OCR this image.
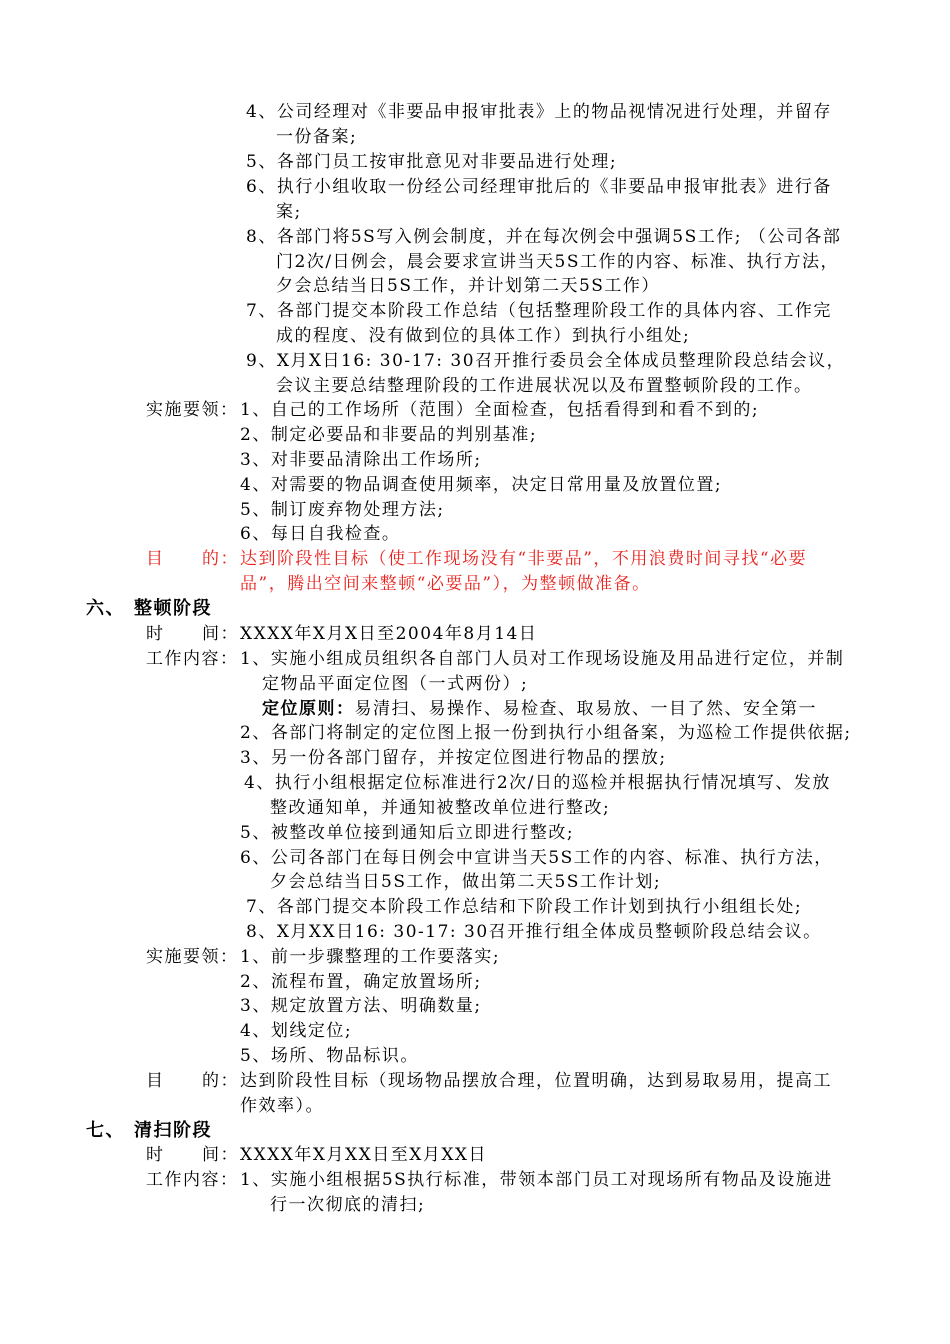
4、公司经理对《非要品申报审批表》上的物品视情况进行处理，并留存
一份备案;
5、各部门员工按审批意见对非要品进行处理;
6、执行小组收取一份经公司经理审批后的《非要品申报审批表》进行备
案;
8、各部门将5S写入例会制度，并在每次例会中强调5S工作; （公司各部
门2次/日例会，晨会要求宣讲当天5S工作的内容、标准、执行方法，
夕会总结当日5S工作，并计划第二天5S工作）
7、各部门提交本阶段工作总结（包括整理阶段工作的具体内容、工作完
成的程度、没有做到位的具体工作）到执行小组处;
9、X月X日16: 30-17: 30召开推行委员会全体成员整理阶段总结会议，
会议主要总结整理阶段的工作进展状况以及布置整顿阶段的工作。
实施要领： 1、自己的工作场所（范围）全面检查，包括看得到和看不到的;
2、制定必要品和非要品的判别基准;
3、对非要品清除出工作场所;
4、对需要的物品调查使用频率，决定日常用量及放置位置;
5、制订废弃物处理方法;
6、每日自我检查。
目 的： 达到阶段性目标（使工作现场没有“非要品”，不用浪费时间寻找“必要
品”，腾出空间来整顿“必要品”），为整顿做准备。
六、 整顿阶段
时 间： XXXX年X月X日至2004年8月14日
工作内容： 1、实施小组成员组织各自部门人员对工作现场设施及用品进行定位，并制
定物品平面定位图（一式两份）;
定位原则：易清扫、易操作、易检查、取易放、一目了然、安全第一
2、各部门将制定的定位图上报一份到执行小组备案，为巡检工作提供依据;
3、另一份各部门留存，并按定位图进行物品的摆放;
4、执行小组根据定位标准进行2次/日的巡检并根据执行情况填写、发放
整改通知单，并通知被整改单位进行整改;
5、被整改单位接到通知后立即进行整改;
6、公司各部门在每日例会中宣讲当天5S工作的内容、标准、执行方法，
夕会总结当日5S工作，做出第二天5S工作计划;
7、各部门提交本阶段工作总结和下阶段工作计划到执行小组组长处;
8、X月XX日16: 30-17: 30召开推行组全体成员整顿阶段总结会议。
实施要领： 1、前一步骤整理的工作要落实;
2、流程布置，确定放置场所;
3、规定放置方法、明确数量;
4、划线定位;
5、场所、物品标识。
目 的： 达到阶段性目标（现场物品摆放合理，位置明确，达到易取易用，提高工
作效率）。
七、 清扫阶段
时 间： XXXX年X月XX日至X月XX日
工作内容： 1、实施小组根据5S执行标准，带领本部门员工对现场所有物品及设施进
行一次彻底的清扫;
